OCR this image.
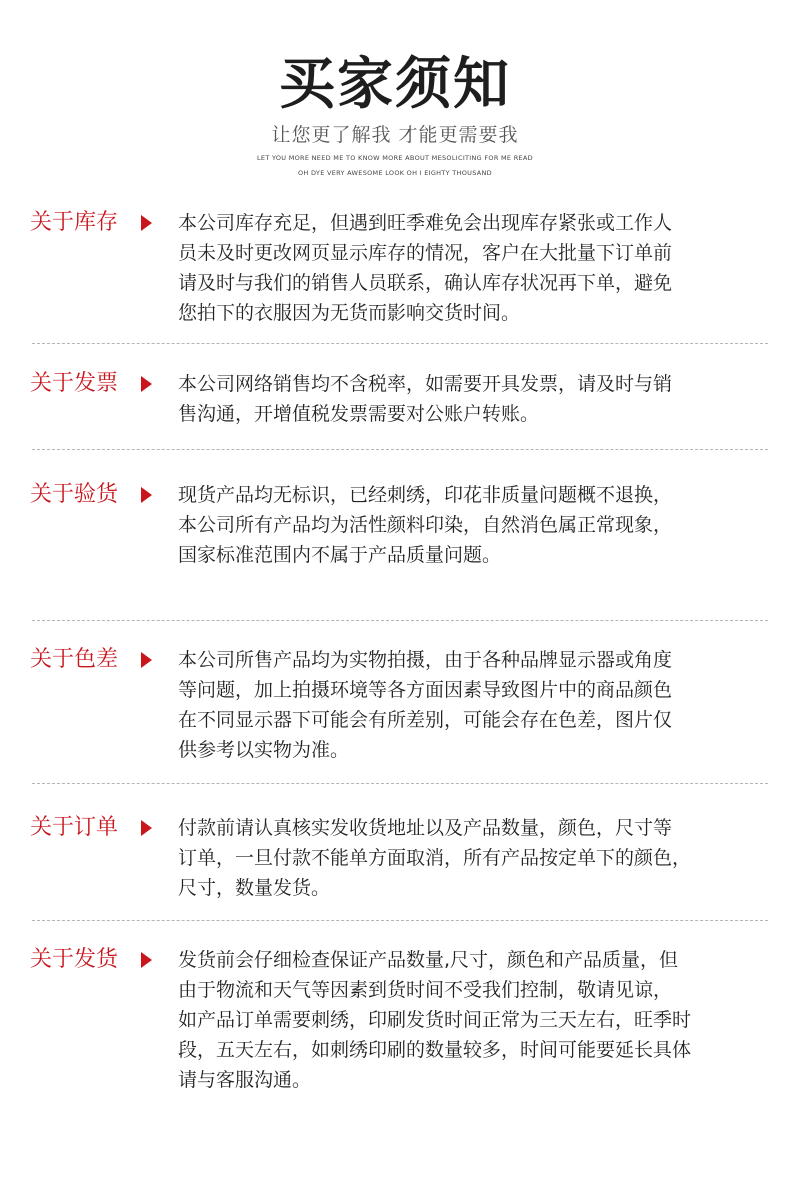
买家须知
让您更了解我 才能更需要我
LET YOU MORE NEED ME TO KNOW MORE ABOUT MESOLICITING FOR ME READ
OH DYE VERY AWESOME LOOK OH I EIGHTY THOUSAND
关于库存	本公司库存充足，但遇到旺季难免会出现库存紧张或工作人
员未及时更改网页显示库存的情况，客户在大批量下订单前
请及时与我们的销售人员联系，确认库存状况再下单，避免
您拍下的衣服因为无货而影响交货时间。
关于发票	本公司网络销售均不含税率，如需要开具发票，请及时与销
售沟通，开增值税发票需要对公账户转账。
关于验货	现货产品均无标识，已经刺绣，印花非质量问题概不退换，
本公司所有产品均为活性颜料印染，自然消色属正常现象，
国家标准范围内不属于产品质量问题。
关于色差	本公司所售产品均为实物拍摄，由于各种品牌显示器或角度
等问题，加上拍摄环境等各方面因素导致图片中的商品颜色
在不同显示器下可能会有所差别，可能会存在色差，图片仅
供参考以实物为准。
关于订单	付款前请认真核实发收货地址以及产品数量，颜色，尺寸等
订单，一旦付款不能单方面取消，所有产品按定单下的颜色，
尺寸，数量发货。
关于发货	发货前会仔细检查保证产品数量,尺寸，颜色和产品质量，但
由于物流和天气等因素到货时间不受我们控制，敬请见谅，
如产品订单需要刺绣，印刷发货时间正常为三天左右，旺季时
段，五天左右，如刺绣印刷的数量较多，时间可能要延长具体
请与客服沟通。
